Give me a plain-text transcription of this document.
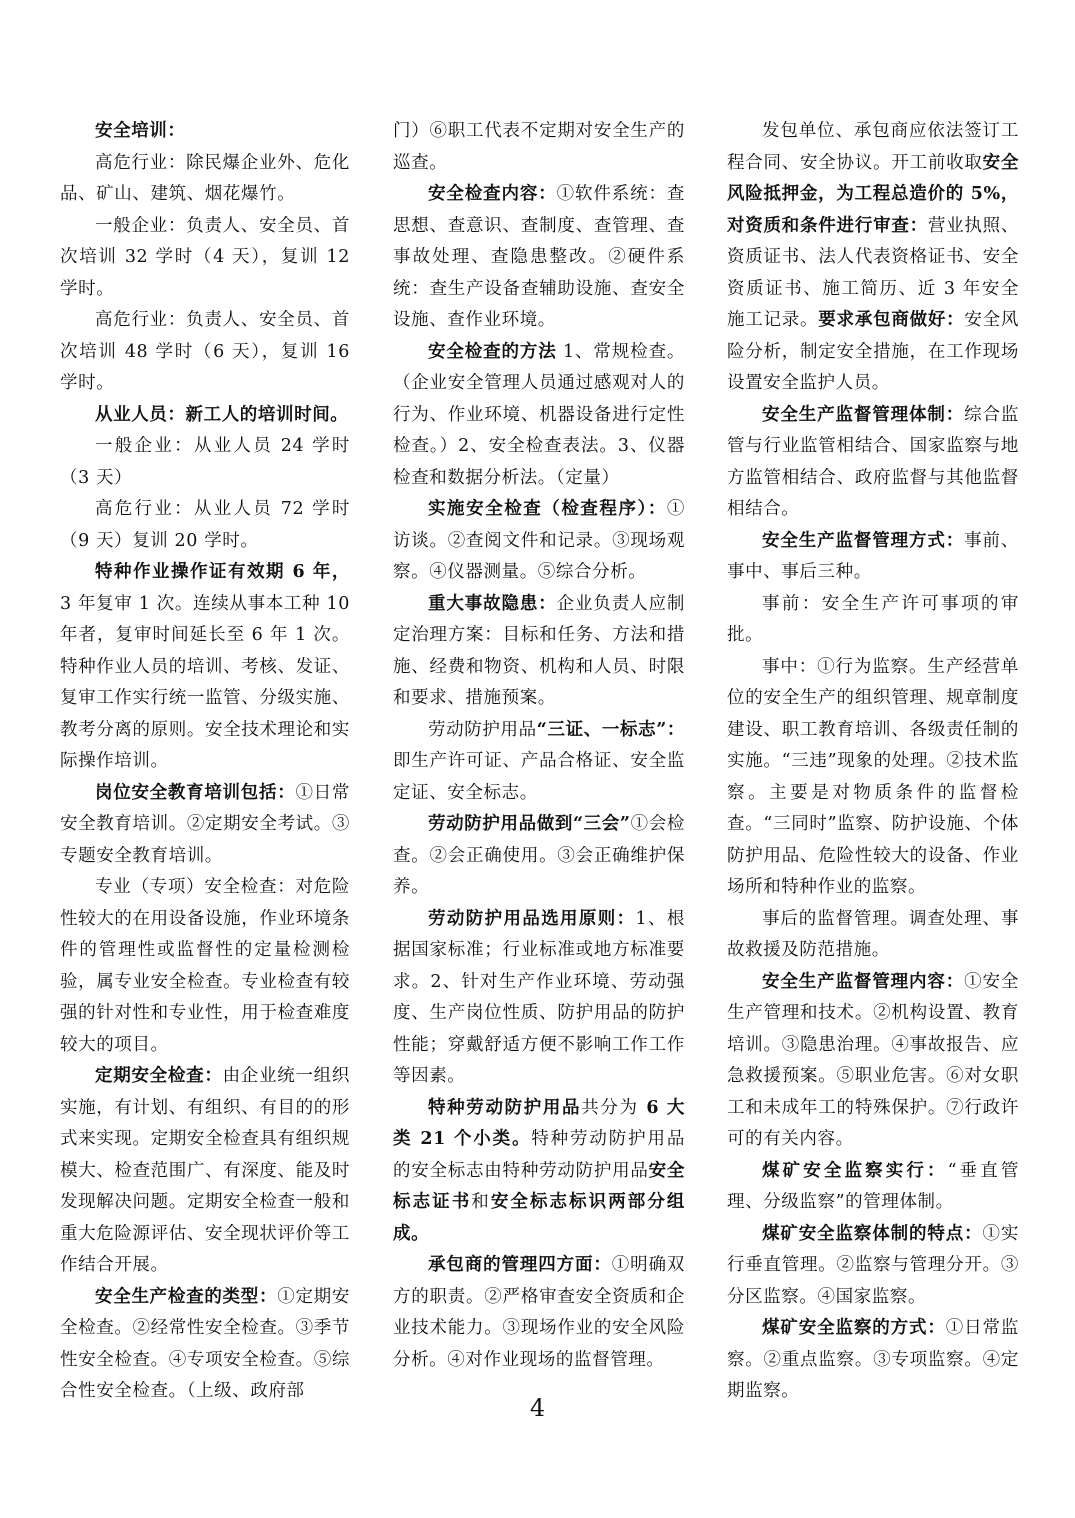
安全培训：

高危行业：除民爆企业外、危化品、矿山、建筑、烟花爆竹。

一般企业：负责人、安全员、首次培训 32 学时（4 天），复训 12 学时。

高危行业：负责人、安全员、首次培训 48 学时（6 天），复训 16 学时。

从业人员：新工人的培训时间。

一般企业：从业人员 24 学时（3 天）

高危行业：从业人员 72 学时（9 天）复训 20 学时。

特种作业操作证有效期 6 年，3 年复审 1 次。连续从事本工种 10 年者，复审时间延长至 6 年 1 次。特种作业人员的培训、考核、发证、复审工作实行统一监管、分级实施、教考分离的原则。安全技术理论和实际操作培训。

岗位安全教育培训包括：①日常安全教育培训。②定期安全考试。③专题安全教育培训。

专业（专项）安全检查：对危险性较大的在用设备设施，作业环境条件的管理性或监督性的定量检测检验，属专业安全检查。专业检查有较强的针对性和专业性，用于检查难度较大的项目。

定期安全检查：由企业统一组织实施，有计划、有组织、有目的的形式来实现。定期安全检查具有组织规模大、检查范围广、有深度、能及时发现解决问题。定期安全检查一般和重大危险源评估、安全现状评价等工作结合开展。

安全生产检查的类型：①定期安全检查。②经常性安全检查。③季节性安全检查。④专项安全检查。⑤综合性安全检查。（上级、政府部

门）⑥职工代表不定期对安全生产的巡查。

安全检查内容：①软件系统：查思想、查意识、查制度、查管理、查事故处理、查隐患整改。②硬件系统：查生产设备查辅助设施、查安全设施、查作业环境。

安全检查的方法 1、常规检查。（企业安全管理人员通过感观对人的行为、作业环境、机器设备进行定性检查。）2、安全检查表法。3、仪器检查和数据分析法。（定量）

实施安全检查（检查程序）：①访谈。②查阅文件和记录。③现场观察。④仪器测量。⑤综合分析。

重大事故隐患：企业负责人应制定治理方案：目标和任务、方法和措施、经费和物资、机构和人员、时限和要求、措施预案。

劳动防护用品“三证、一标志”：即生产许可证、产品合格证、安全监定证、安全标志。

劳动防护用品做到“三会”①会检查。②会正确使用。③会正确维护保养。

劳动防护用品选用原则：1、根据国家标准；行业标准或地方标准要求。2、针对生产作业环境、劳动强度、生产岗位性质、防护用品的防护性能；穿戴舒适方便不影响工作工作等因素。

特种劳动防护用品共分为 6 大类 21 个小类。特种劳动防护用品的安全标志由特种劳动防护用品安全标志证书和安全标志标识两部分组成。

承包商的管理四方面：①明确双方的职责。②严格审查安全资质和企业技术能力。③现场作业的安全风险分析。④对作业现场的监督管理。

发包单位、承包商应依法签订工程合同、安全协议。开工前收取安全风险抵押金，为工程总造价的 5%，对资质和条件进行审查：营业执照、资质证书、法人代表资格证书、安全资质证书、施工简历、近 3 年安全施工记录。要求承包商做好：安全风险分析，制定安全措施，在工作现场设置安全监护人员。

安全生产监督管理体制：综合监管与行业监管相结合、国家监察与地方监管相结合、政府监督与其他监督相结合。

安全生产监督管理方式：事前、事中、事后三种。

事前：安全生产许可事项的审批。

事中：①行为监察。生产经营单位的安全生产的组织管理、规章制度建设、职工教育培训、各级责任制的实施。“三违”现象的处理。②技术监察。主要是对物质条件的监督检查。“三同时”监察、防护设施、个体防护用品、危险性较大的设备、作业场所和特种作业的监察。

事后的监督管理。调查处理、事故救援及防范措施。

安全生产监督管理内容：①安全生产管理和技术。②机构设置、教育培训。③隐患治理。④事故报告、应急救援预案。⑤职业危害。⑥对女职工和未成年工的特殊保护。⑦行政许可的有关内容。

煤矿安全监察实行：“垂直管理、分级监察”的管理体制。

煤矿安全监察体制的特点：①实行垂直管理。②监察与管理分开。③分区监察。④国家监察。

煤矿安全监察的方式：①日常监察。②重点监察。③专项监察。④定期监察。

4
